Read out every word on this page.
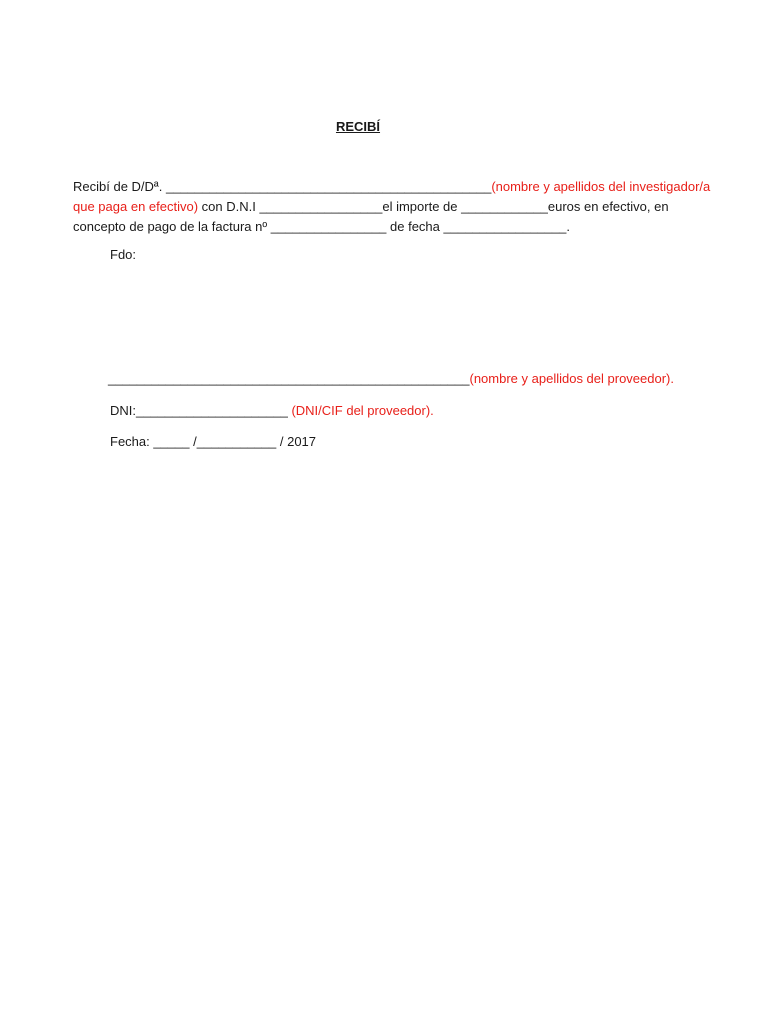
RECIBÍ
Recibí de D/Dª. _____________________________________________(nombre y apellidos del investigador/a
que paga en efectivo) con D.N.I _________________el importe de ____________euros en efectivo, en
concepto de pago de la factura nº ________________ de fecha _________________.
Fdo:
__________________________________________________(nombre y apellidos del proveedor).
DNI:_____________________ (DNI/CIF del proveedor).
Fecha: _____ /___________ / 2017
